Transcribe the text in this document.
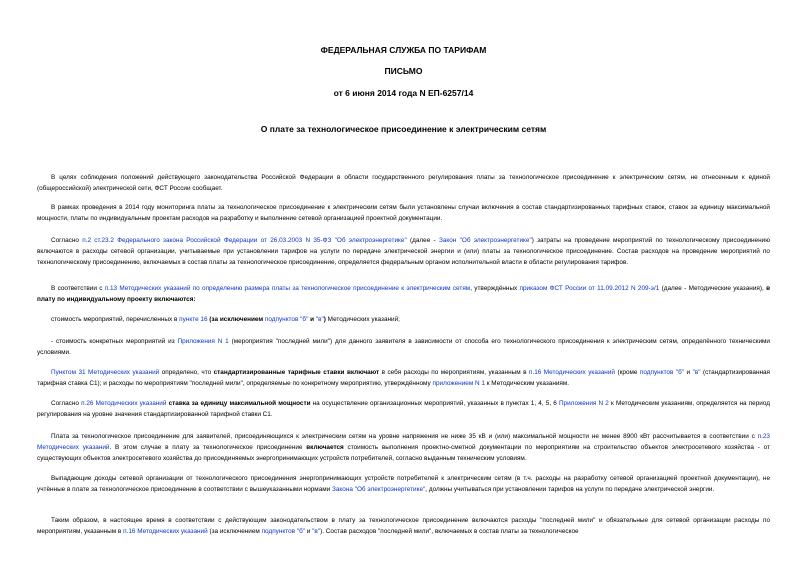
ФЕДЕРАЛЬНАЯ СЛУЖБА ПО ТАРИФАМ

ПИСЬМО

от 6 июня 2014 года N ЕП-6257/14

О плате за технологическое присоединение к электрическим сетям

В целях соблюдения положений действующего законодательства Российской Федерации в области государственного регулирования платы за технологическое присоединение к электрическим сетям, не отнесенным к единой (общероссийской) электрической сети, ФСТ России сообщает.

В рамках проведения в 2014 году мониторинга платы за технологическое присоединение к электрическим сетям были установлены случаи включения в состав стандартизированных тарифных ставок, ставок за единицу максимальной мощности, платы по индивидуальным проектам расходов на разработку и выполнение сетевой организацией проектной документации.

Согласно п.2 ст.23.2 Федерального закона Российской Федерации от 26.03.2003 N 35-ФЗ "Об электроэнергетике" (далее - Закон "Об электроэнергетике") затраты на проведение мероприятий по технологическому присоединению включаются в расходы сетевой организации, учитываемые при установлении тарифов на услуги по передаче электрической энергии и (или) платы за технологическое присоединение. Состав расходов на проведение мероприятий по технологическому присоединению, включаемых в состав платы за технологическое присоединение, определяется федеральным органом исполнительной власти в области регулирования тарифов.

В соответствии с п.13 Методических указаний по определению размера платы за технологическое присоединение к электрическим сетям, утверждённых приказом ФСТ России от 11.09.2012 N 209-э/1 (далее - Методические указания), в плату по индивидуальному проекту включаются:

стоимость мероприятий, перечисленных в пункте 16 (за исключением подпунктов "б" и "в") Методических указаний;

- стоимость конкретных мероприятий из Приложения N 1 (мероприятия "последней мили") для данного заявителя в зависимости от способа его технологического присоединения к электрическим сетям, определённого техническими условиями.

Пунктом 31 Методических указаний определено, что стандартизированные тарифные ставки включают в себя расходы по мероприятиям, указанным в п.16 Методических указаний (кроме подпунктов "б" и "в" (стандартизированная тарифная ставка С1); и расходы по мероприятиям "последней мили", определяемые по конкретному мероприятию, утверждённому приложением N 1 к Методическим указаниям.

Согласно п.26 Методических указаний ставка за единицу максимальной мощности на осуществление организационных мероприятий, указанных в пунктах 1, 4, 5, 6 Приложения N 2 к Методическим указаниям, определяется на период регулирования на уровне значения стандартизированной тарифной ставки С1.

Плата за технологическое присоединение для заявителей, присоединяющихся к электрическим сетям на уровне напряжения не ниже 35 кВ и (или) максимальной мощности не менее 8900 кВт рассчитывается в соответствии с п.23 Методических указаний. В этом случае в плату за технологическое присоединение включается стоимость выполнения проектно-сметной документации по мероприятиям на строительство объектов электросетевого хозяйства - от существующих объектов электросетевого хозяйства до присоединяемых энергопринимающих устройств потребителей, согласно выданным техническим условиям.

Выпадающие доходы сетевой организации от технологического присоединения энергопринимающих устройств потребителей к электрическим сетям (в т.ч. расходы на разработку сетевой организацией проектной документации), не учтённые в плате за технологическое присоединение в соответствии с вышеуказанными нормами Закона "Об электроэнергетике", должны учитываться при установлении тарифов на услуги по передаче электрической энергии.

Таким образом, в настоящее время в соответствии с действующим законодательством в плату за технологическое присоединение включаются расходы "последней мили" и обязательные для сетевой организации расходы по мероприятиям, указанным в п.16 Методических указаний (за исключением подпунктов "б" и "в"). Состав расходов "последней мили", включаемых в состав платы за технологическое
